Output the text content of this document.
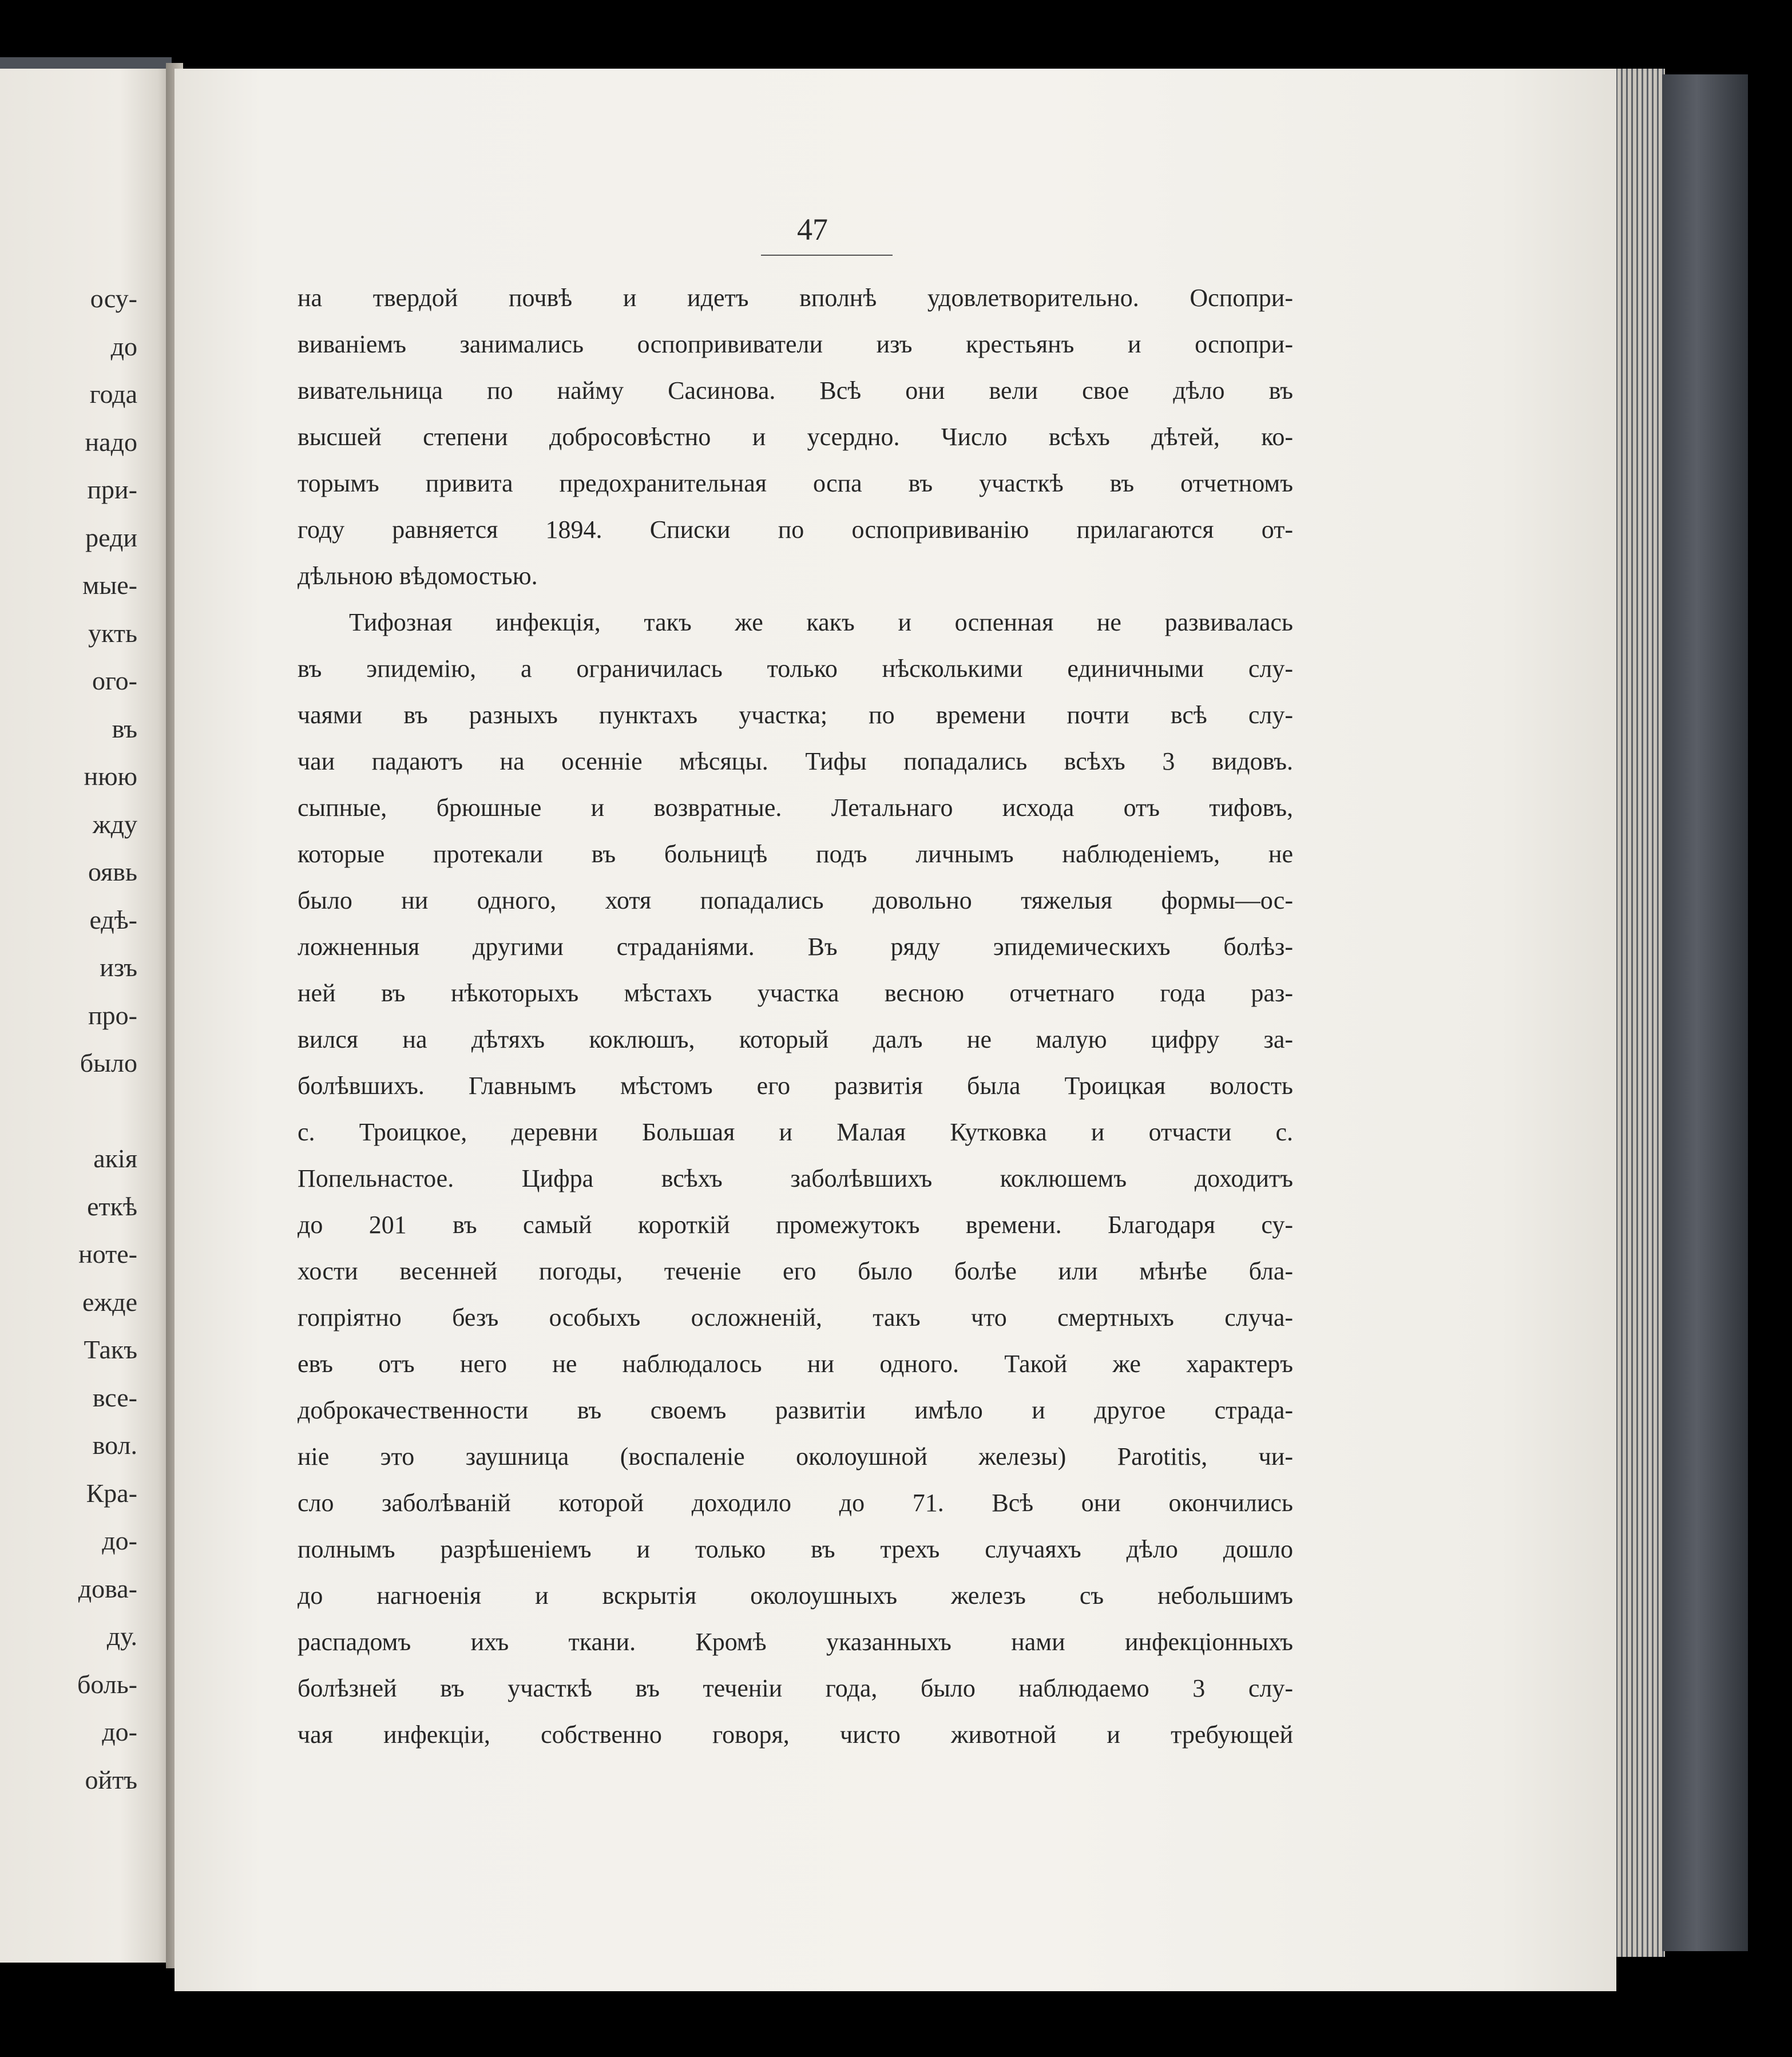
осу-
до
года
надо
при-
реди
мые-
укть
ого-
въ
нюю
жду
оявь
едѣ-
изъ
про-
было

акія
еткѣ
ноте-
ежде
Такъ
все-
вол.
Кра-
до-
дова-
ду.
боль-
до-
ойтъ
47
на твердой почвѣ и идетъ вполнѣ удовлетворительно. Оспопри-
виваніемъ занимались оспопрививатели изъ крестьянъ и оспопри-
вивательница по найму Сасинова. Всѣ они вели свое дѣло въ
высшей степени добросовѣстно и усердно. Число всѣхъ дѣтей, ко-
торымъ привита предохранительная оспа въ участкѣ въ отчетномъ
году равняется 1894. Списки по оспопрививанію прилагаются от-
дѣльною вѣдомостью.
Тифозная инфекція, такъ же какъ и оспенная не развивалась
въ эпидемію, а ограничилась только нѣсколькими единичными слу-
чаями въ разныхъ пунктахъ участка; по времени почти всѣ слу-
чаи падаютъ на осенніе мѣсяцы. Тифы попадались всѣхъ 3 видовъ.
сыпные, брюшные и возвратные. Летальнаго исхода отъ тифовъ,
которые протекали въ больницѣ подъ личнымъ наблюденіемъ, не
было ни одного, хотя попадались довольно тяжелыя формы—ос-
ложненныя другими страданіями. Въ ряду эпидемическихъ болѣз-
ней въ нѣкоторыхъ мѣстахъ участка весною отчетнаго года раз-
вился на дѣтяхъ коклюшъ, который далъ не малую цифру за-
болѣвшихъ. Главнымъ мѣстомъ его развитія была Троицкая волость
с. Троицкое, деревни Большая и Малая Кутковка и отчасти с.
Попельнастое. Цифра всѣхъ заболѣвшихъ коклюшемъ доходитъ
до 201 въ самый короткій промежутокъ времени. Благодаря су-
хости весенней погоды, теченіе его было болѣе или мѣнѣе бла-
гопріятно безъ особыхъ осложненій, такъ что смертныхъ случа-
евъ отъ него не наблюдалось ни одного. Такой же характеръ
доброкачественности въ своемъ развитіи имѣло и другое страда-
ніе это заушница (воспаленіе околоушной железы) Parotitis, чи-
сло заболѣваній которой доходило до 71. Всѣ они окончились
полнымъ разрѣшеніемъ и только въ трехъ случаяхъ дѣло дошло
до нагноенія и вскрытія околоушныхъ железъ съ небольшимъ
распадомъ ихъ ткани. Кромѣ указанныхъ нами инфекціонныхъ
болѣзней въ участкѣ въ теченіи года, было наблюдаемо 3 слу-
чая инфекціи, собственно говоря, чисто животной и требующей
